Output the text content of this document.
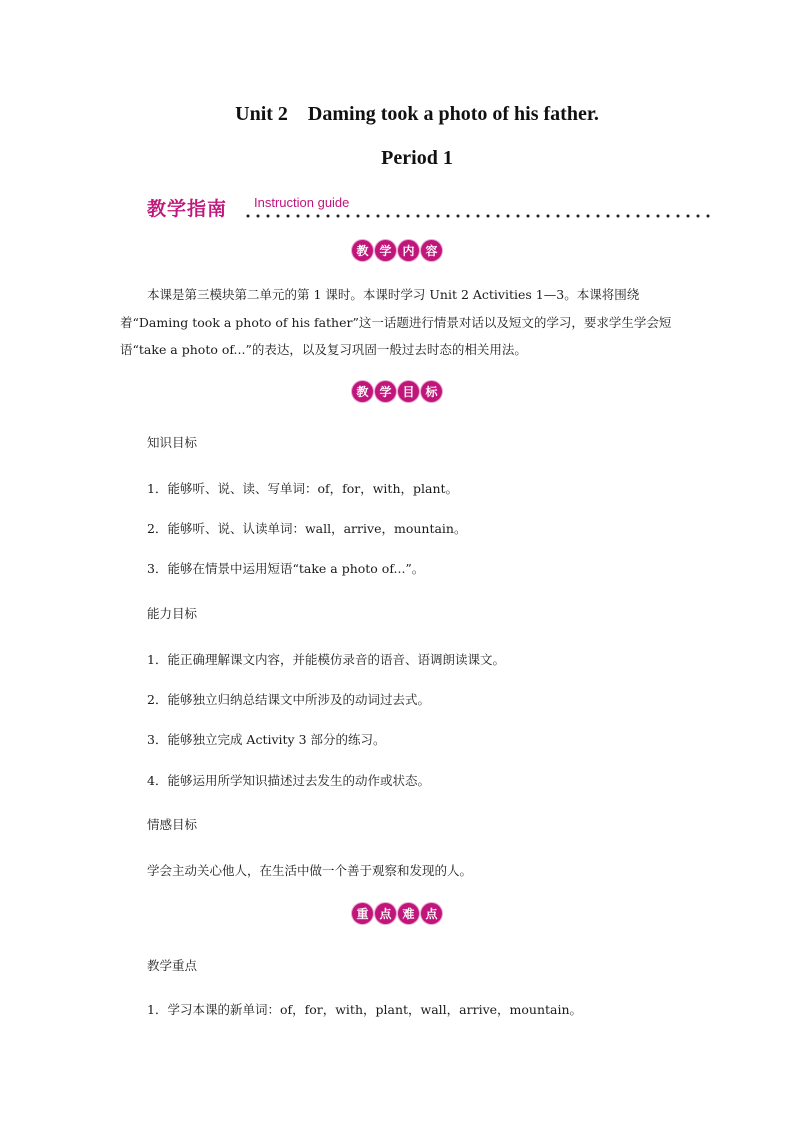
Unit 2　Daming took a photo of his father.
Period 1
教学指南 Instruction guide
教 学 内 容
本课是第三模块第二单元的第 1 课时。本课时学习 Unit 2 Activities 1—3。本课将围绕着“Daming took a photo of his father”这一话题进行情景对话以及短文的学习，要求学生学会短语“take a photo of...”的表达，以及复习巩固一般过去时态的相关用法。
教 学 目 标
知识目标
1．能够听、说、读、写单词：of，for，with，plant。
2．能够听、说、认读单词：wall，arrive，mountain。
3．能够在情景中运用短语“take a photo of...”。
能力目标
1．能正确理解课文内容，并能模仿录音的语音、语调朗读课文。
2．能够独立归纳总结课文中所涉及的动词过去式。
3．能够独立完成 Activity 3 部分的练习。
4．能够运用所学知识描述过去发生的动作或状态。
情感目标
学会主动关心他人，在生活中做一个善于观察和发现的人。
重 点 难 点
教学重点
1．学习本课的新单词：of，for，with，plant，wall，arrive，mountain。
